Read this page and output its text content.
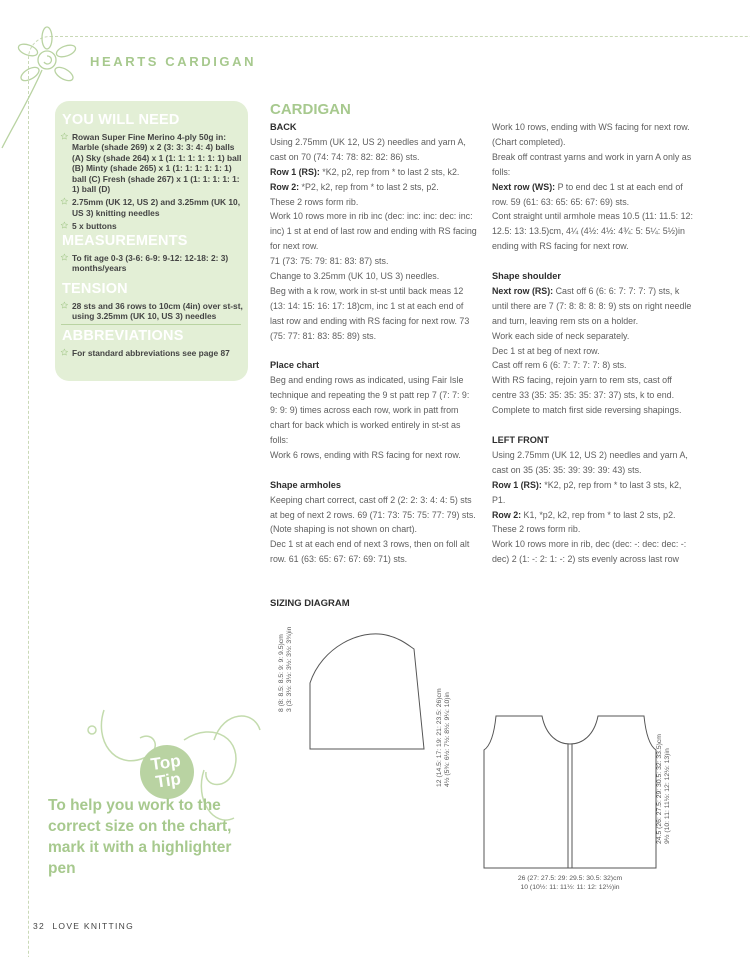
HEARTS CARDIGAN
YOU WILL NEED
✩ Rowan Super Fine Merino 4-ply 50g in: Marble (shade 269) x 2 (3: 3: 3: 4: 4) balls (A) Sky (shade 264) x 1 (1: 1: 1: 1: 1: 1) ball (B) Minty (shade 265) x 1 (1: 1: 1: 1: 1: 1) ball (C) Fresh (shade 267) x 1 (1: 1: 1: 1: 1: 1) ball (D)
✩ 2.75mm (UK 12, US 2) and 3.25mm (UK 10, US 3) knitting needles
✩ 5 x buttons
MEASUREMENTS
✩ To fit age 0-3 (3-6: 6-9: 9-12: 12-18: 2: 3) months/years
TENSION
✩ 28 sts and 36 rows to 10cm (4in) over st-st, using 3.25mm (UK 10, US 3) needles
ABBREVIATIONS
✩ For standard abbreviations see page 87
CARDIGAN
BACK

Using 2.75mm (UK 12, US 2) needles and yarn A, cast on 70 (74: 74: 78: 82: 82: 86) sts.

Row 1 (RS): *K2, p2, rep from * to last 2 sts, k2.

Row 2: *P2, k2, rep from * to last 2 sts, p2.

These 2 rows form rib.

Work 10 rows more in rib inc (dec: inc: inc: dec: inc: inc) 1 st at end of last row and ending with RS facing for next row.

71 (73: 75: 79: 81: 83: 87) sts.

Change to 3.25mm (UK 10, US 3) needles.

Beg with a k row, work in st-st until back meas 12 (13: 14: 15: 16: 17: 18)cm, inc 1 st at each end of last row and ending with RS facing for next row. 73 (75: 77: 81: 83: 85: 89) sts.

Place chart

Beg and ending rows as indicated, using Fair Isle technique and repeating the 9 st patt rep 7 (7: 7: 9: 9: 9: 9) times across each row, work in patt from chart for back which is worked entirely in st-st as folls:

Work 6 rows, ending with RS facing for next row.

Shape armholes

Keeping chart correct, cast off 2 (2: 2: 3: 4: 4: 5) sts at beg of next 2 rows. 69 (71: 73: 75: 75: 77: 79) sts. (Note shaping is not shown on chart).

Dec 1 st at each end of next 3 rows, then on foll alt row. 61 (63: 65: 67: 67: 69: 71) sts.

Work 10 rows, ending with WS facing for next row. (Chart completed).

Break off contrast yarns and work in yarn A only as folls:

Next row (WS): P to end dec 1 st at each end of row. 59 (61: 63: 65: 65: 67: 69) sts.

Cont straight until armhole meas 10.5 (11: 11.5: 12: 12.5: 13: 13.5)cm, 4¼ (4½: 4½: 4¾: 5: 5¼: 5½)in ending with RS facing for next row.

Shape shoulder

Next row (RS): Cast off 6 (6: 6: 7: 7: 7: 7) sts, k until there are 7 (7: 8: 8: 8: 8: 9) sts on right needle and turn, leaving rem sts on a holder.

Work each side of neck separately.

Dec 1 st at beg of next row.

Cast off rem 6 (6: 7: 7: 7: 7: 8) sts.

With RS facing, rejoin yarn to rem sts, cast off centre 33 (35: 35: 35: 35: 37: 37) sts, k to end. Complete to match first side reversing shapings.

LEFT FRONT

Using 2.75mm (UK 12, US 2) needles and yarn A, cast on 35 (35: 35: 39: 39: 39: 43) sts.

Row 1 (RS): *K2, p2, rep from * to last 3 sts, k2, P1.

Row 2: K1, *p2, k2, rep from * to last 2 sts, p2.

These 2 rows form rib.

Work 10 rows more in rib, dec (dec: -: dec: dec: -: dec) 2 (1: -: 2: 1: -: 2) sts evenly across last row

SIZING DIAGRAM
8 (8: 8.5: 8.5: 9: 9: 9.5)cm 3 (3: 3½: 3½: 3½: 3½: 3¾)in
12 (14.5: 17: 19: 21: 23.5: 26)cm 4½ (5¾: 6½: 7½: 8½: 9¼: 10)in	24.5 (26: 27.5: 29: 30.5: 32: 33.5)cm 9½ (10: 11: 11½: 12: 12½: 13)in
26 (27: 27.5: 29: 29.5: 30.5: 32)cm
10 (10½: 11: 11½: 11: 12: 12½)in
Top
Tip
To help you work to the correct size on the chart, mark it with a highlighter pen
32 LOVE KNITTING
